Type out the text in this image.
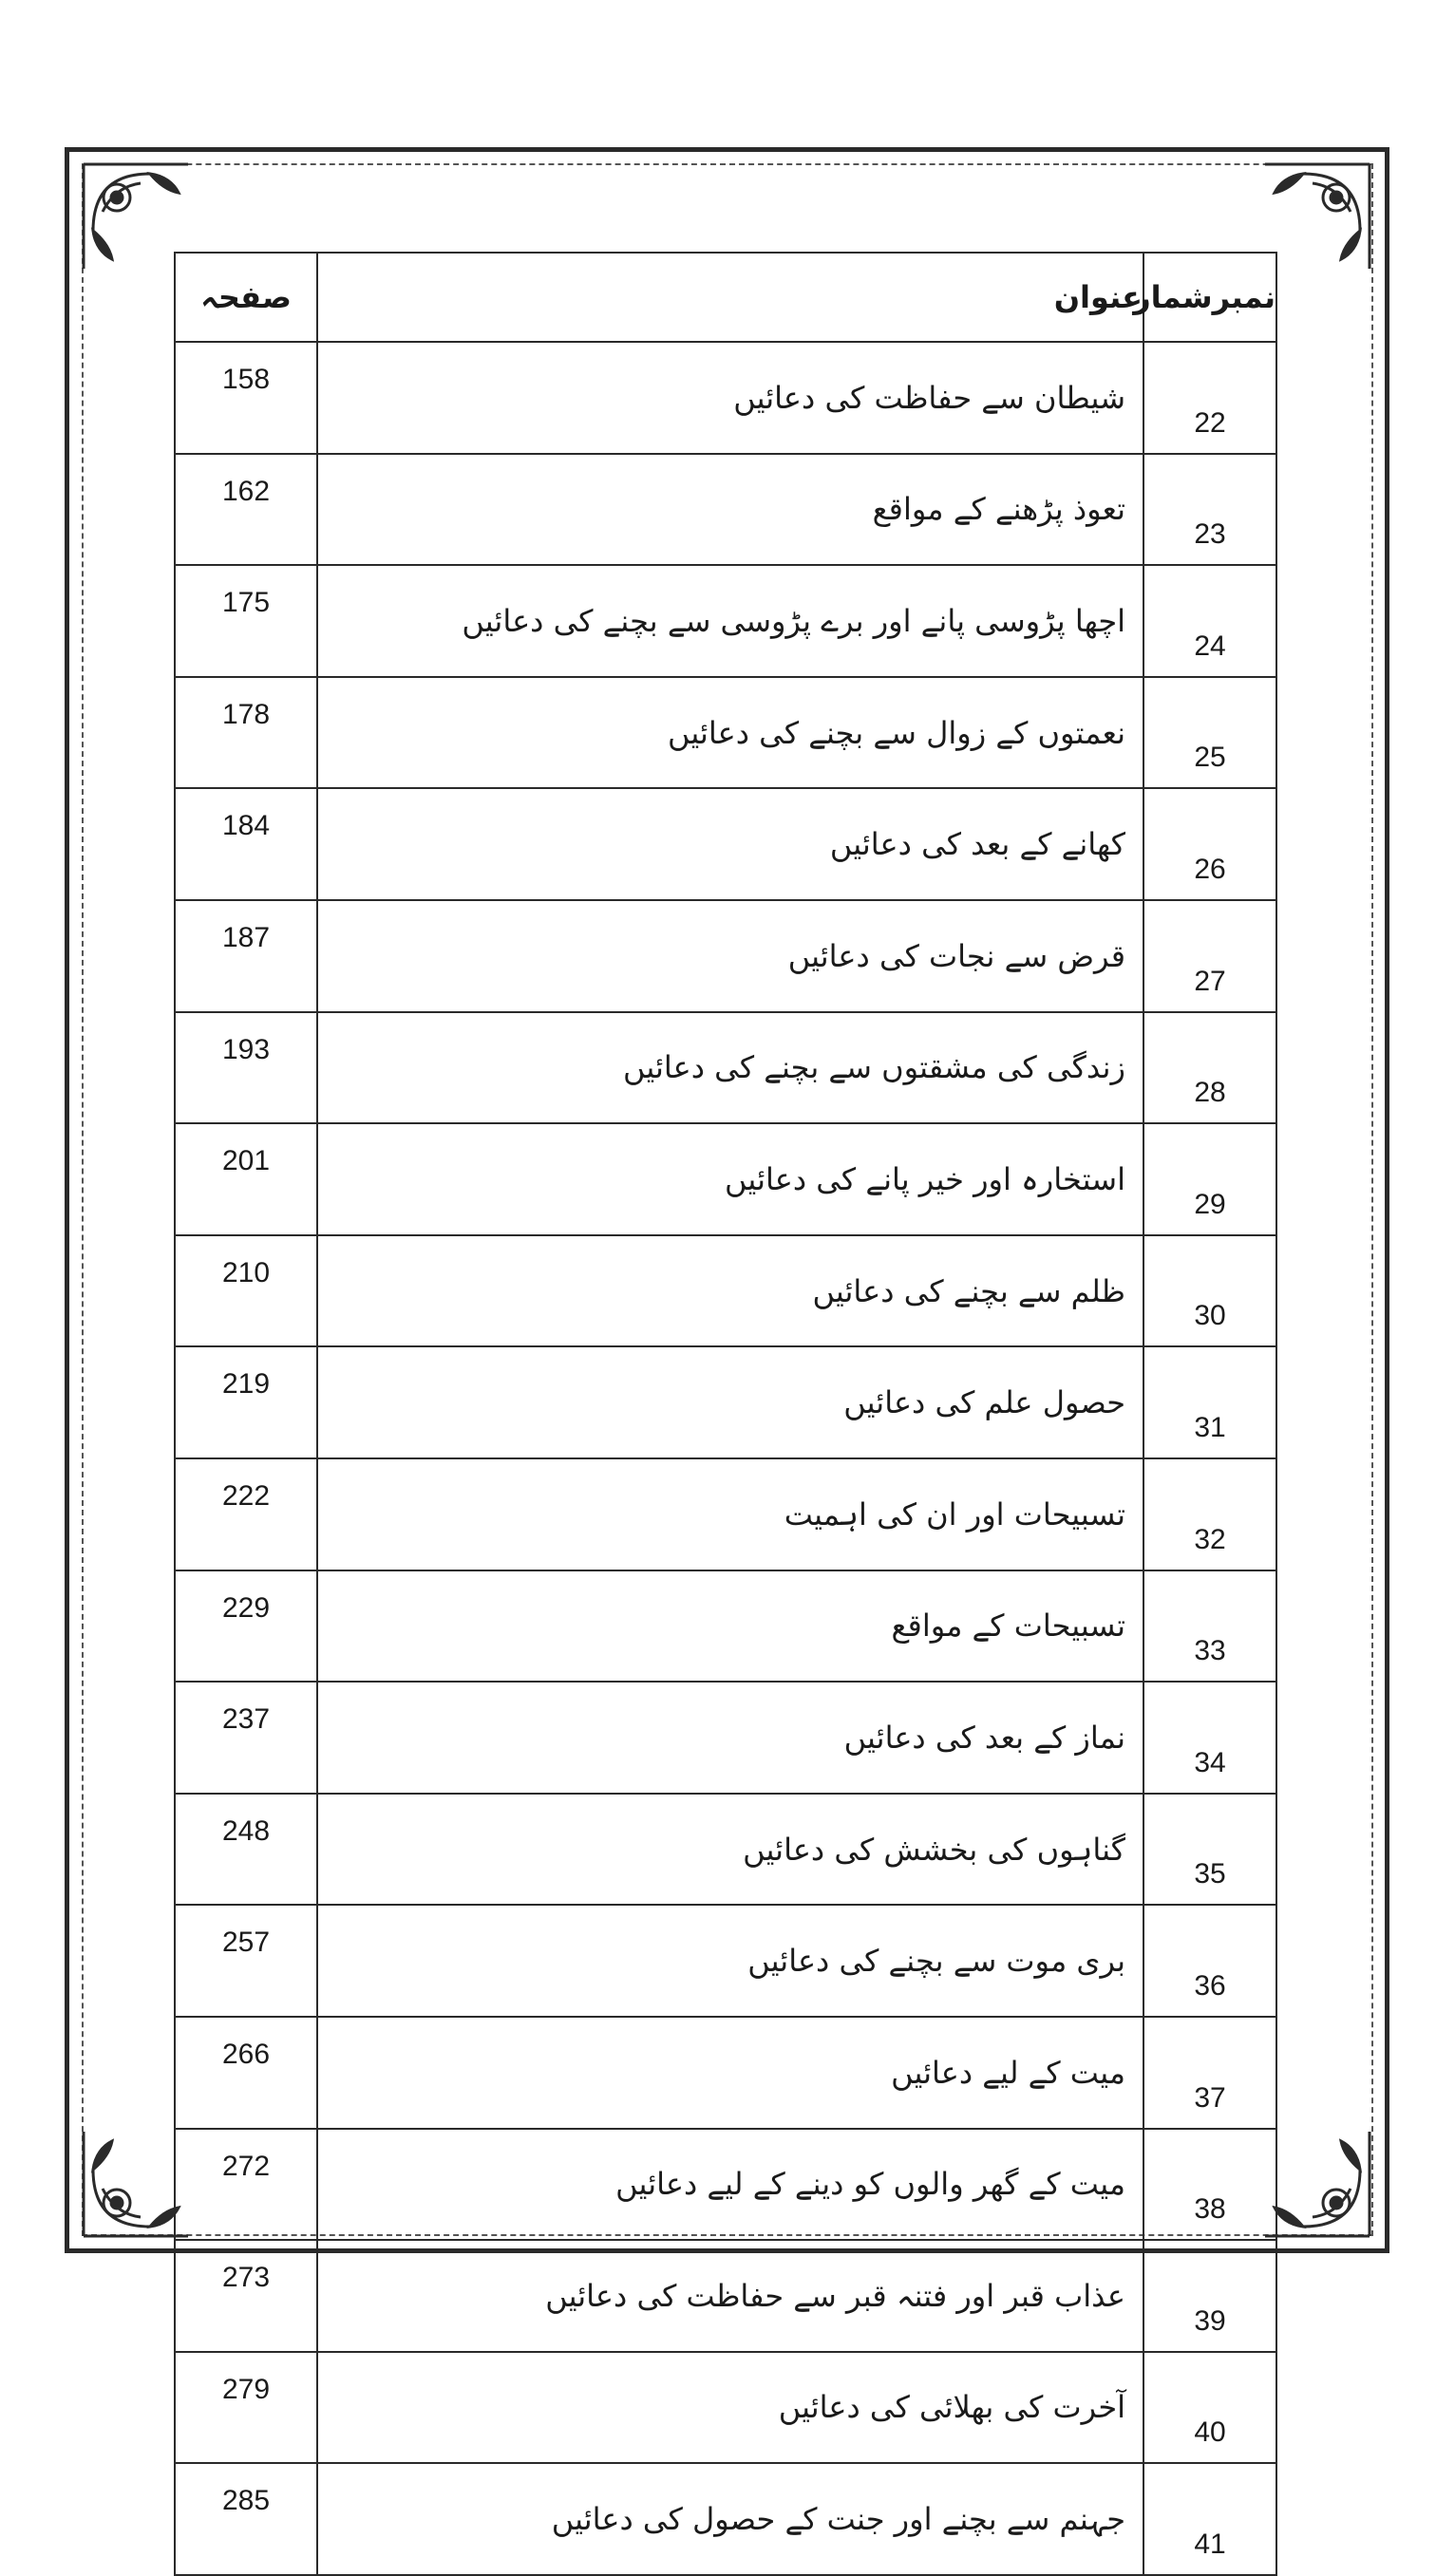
نمبرشمار	عنوان	صفحہ
22	شیطان سے حفاظت کی دعائیں	158
23	تعوذ پڑھنے کے مواقع	162
24	اچھا پڑوسی پانے اور برے پڑوسی سے بچنے کی دعائیں	175
25	نعمتوں کے زوال سے بچنے کی دعائیں	178
26	کھانے کے بعد کی دعائیں	184
27	قرض سے نجات کی دعائیں	187
28	زندگی کی مشقتوں سے بچنے کی دعائیں	193
29	استخارہ اور خیر پانے کی دعائیں	201
30	ظلم سے بچنے کی دعائیں	210
31	حصول علم کی دعائیں	219
32	تسبیحات اور ان کی اہمیت	222
33	تسبیحات کے مواقع	229
34	نماز کے بعد کی دعائیں	237
35	گناہوں کی بخشش کی دعائیں	248
36	بری موت سے بچنے کی دعائیں	257
37	میت کے لیے دعائیں	266
38	میت کے گھر والوں کو دینے کے لیے دعائیں	272
39	عذاب قبر اور فتنہ قبر سے حفاظت کی دعائیں	273
40	آخرت کی بھلائی کی دعائیں	279
41	جہنم سے بچنے اور جنت کے حصول کی دعائیں	285
